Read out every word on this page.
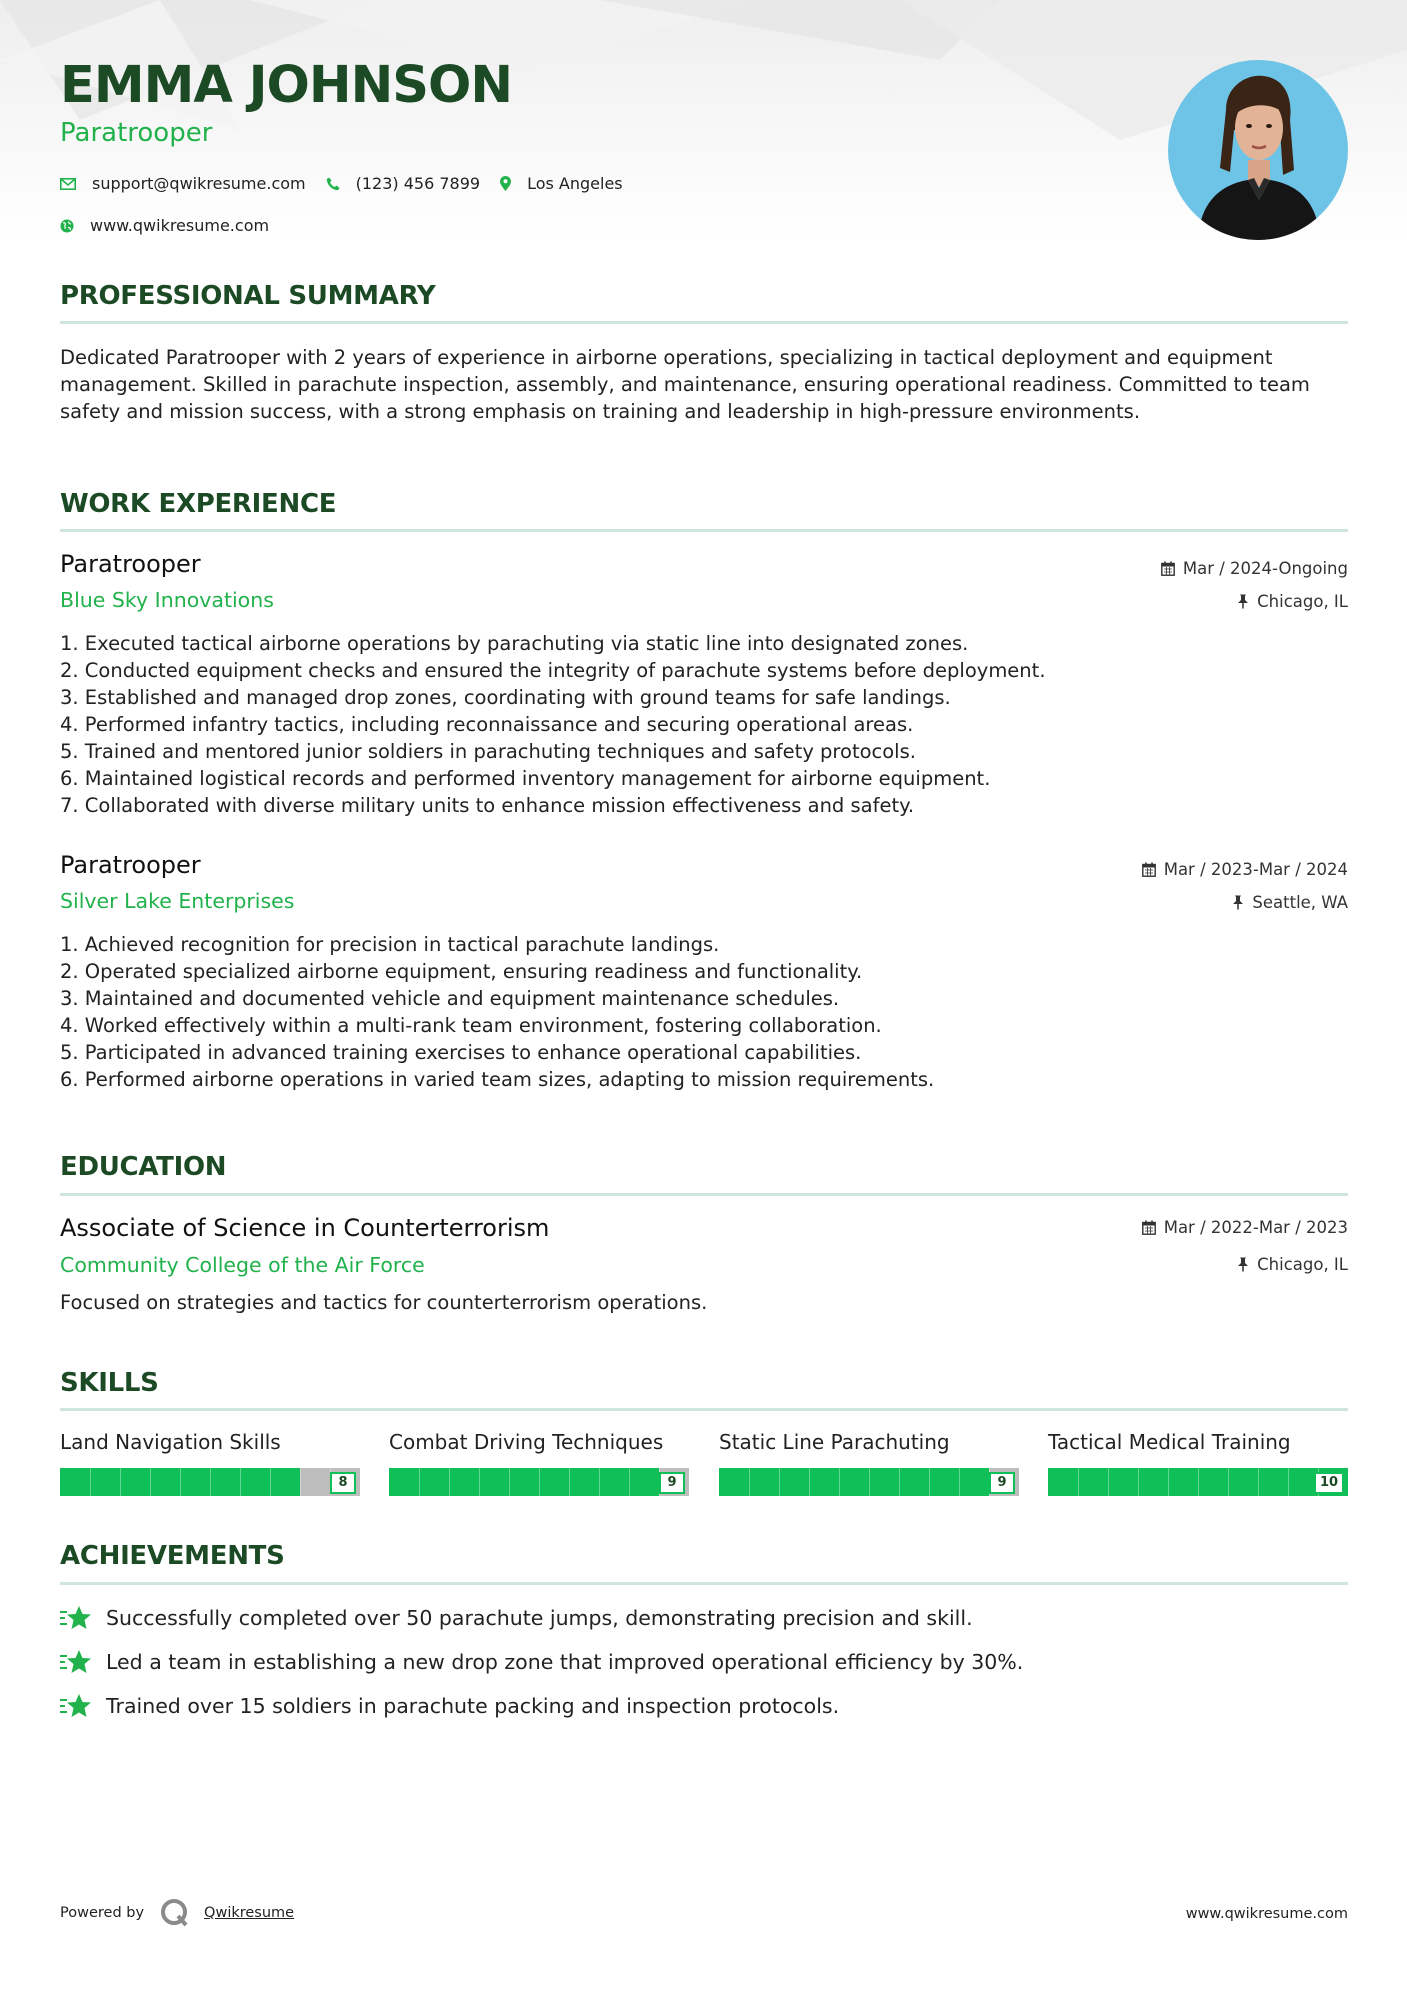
EMMA JOHNSON
Paratrooper
support@qwikresume.com	(123) 456 7899	Los Angeles
www.qwikresume.com
PROFESSIONAL SUMMARY
Dedicated Paratrooper with 2 years of experience in airborne operations, specializing in tactical deployment and equipment management. Skilled in parachute inspection, assembly, and maintenance, ensuring operational readiness. Committed to team safety and mission success, with a strong emphasis on training and leadership in high-pressure environments.
WORK EXPERIENCE
Paratrooper
Blue Sky Innovations
Mar / 2024-Ongoing
Chicago, IL
1. Executed tactical airborne operations by parachuting via static line into designated zones.
2. Conducted equipment checks and ensured the integrity of parachute systems before deployment.
3. Established and managed drop zones, coordinating with ground teams for safe landings.
4. Performed infantry tactics, including reconnaissance and securing operational areas.
5. Trained and mentored junior soldiers in parachuting techniques and safety protocols.
6. Maintained logistical records and performed inventory management for airborne equipment.
7. Collaborated with diverse military units to enhance mission effectiveness and safety.
Paratrooper
Silver Lake Enterprises
Mar / 2023-Mar / 2024
Seattle, WA
1. Achieved recognition for precision in tactical parachute landings.
2. Operated specialized airborne equipment, ensuring readiness and functionality.
3. Maintained and documented vehicle and equipment maintenance schedules.
4. Worked effectively within a multi-rank team environment, fostering collaboration.
5. Participated in advanced training exercises to enhance operational capabilities.
6. Performed airborne operations in varied team sizes, adapting to mission requirements.
EDUCATION
Associate of Science in Counterterrorism
Community College of the Air Force
Mar / 2022-Mar / 2023
Chicago, IL
Focused on strategies and tactics for counterterrorism operations.
SKILLS
Land Navigation Skills
8
Combat Driving Techniques
9
Static Line Parachuting
9
Tactical Medical Training
10
ACHIEVEMENTS
Successfully completed over 50 parachute jumps, demonstrating precision and skill.
Led a team in establishing a new drop zone that improved operational efficiency by 30%.
Trained over 15 soldiers in parachute packing and inspection protocols.
Powered by	Qwikresume	www.qwikresume.com
